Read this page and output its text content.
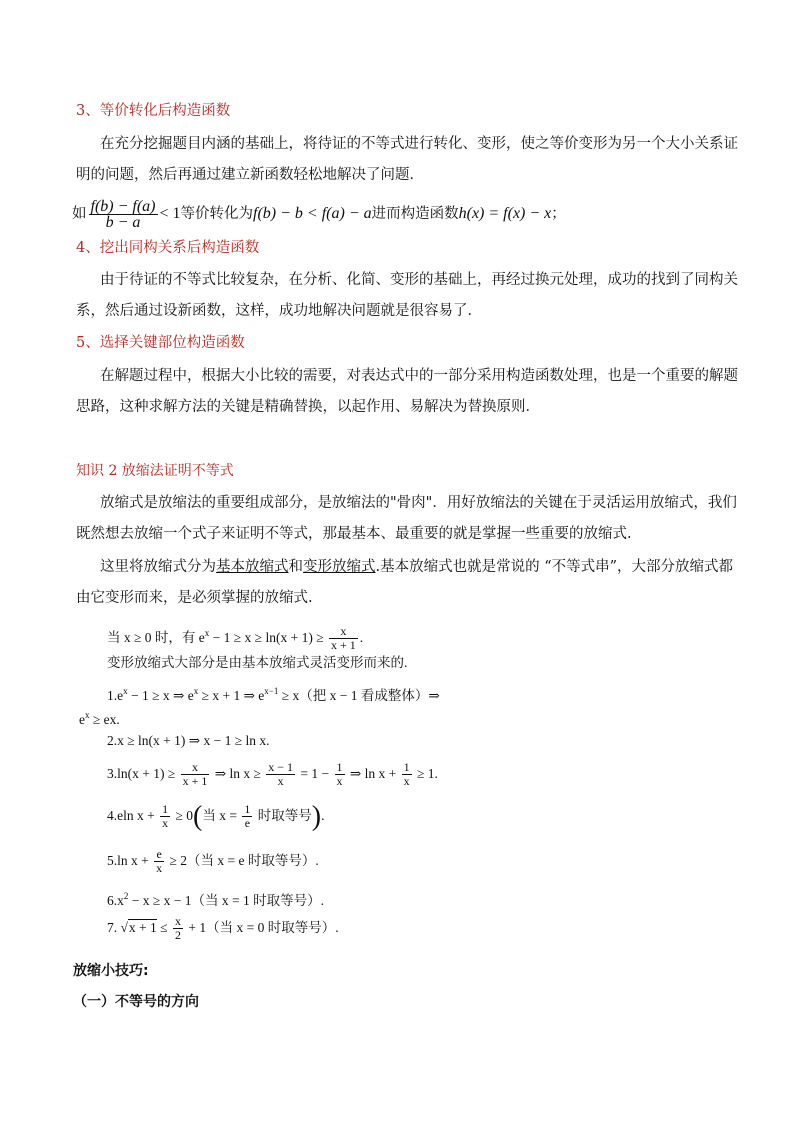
3、等价转化后构造函数
在充分挖掘题目内涵的基础上，将待证的不等式进行转化、变形，使之等价变形为另一个大小关系证
明的问题，然后再通过建立新函数轻松地解决了问题．
如 $\frac{f(b) - f(a)}{b - a} < 1$等价转化为f(b) − b < f(a) − a进而构造函数h(x) = f(x) − x；
4、挖出同构关系后构造函数
由于待证的不等式比较复杂，在分析、化简、变形的基础上，再经过换元处理，成功的找到了同构关
系，然后通过设新函数，这样，成功地解决问题就是很容易了．
5、选择关键部位构造函数
在解题过程中，根据大小比较的需要，对表达式中的一部分采用构造函数处理，也是一个重要的解题
思路，这种求解方法的关键是精确替换，以起作用、易解决为替换原则．
知识 2 放缩法证明不等式
放缩式是放缩法的重要组成部分，是放缩法的"骨肉"．用好放缩法的关键在于灵活运用放缩式，我们
既然想去放缩一个式子来证明不等式，那最基本、最重要的就是掌握一些重要的放缩式.
这里将放缩式分为基本放缩式和变形放缩式.基本放缩式也就是常说的 “不等式串”，大部分放缩式都
由它变形而来，是必须掌握的放缩式.
当 x ≥ 0 时，有 $e^x - 1 \ge x \ge \ln(x + 1) \ge \frac{x}{x + 1}$ .
变形放缩式大部分是由基本放缩式灵活变形而来的.
$1.e^x - 1 \ge x$ ⇒ $e^x \ge x + 1$ ⇒ $e^{x-1} \ge x$（把 x − 1 看成整体）⇒
$e^x$ ≥ ex.
2.x ≥ ln(x + 1) ⇒ x − 1 ≥ ln x.
$3.\ln(x + 1) \ge \frac{x}{x + 1}$ ⇒ $\ln x \ge \frac{x - 1}{x} = 1 - \frac{1}{x}$ ⇒ $\ln x + \frac{1}{x} \ge 1$.
4.eln $x + \frac{1}{x} \ge 0$(当 $x = \frac{1}{e}$ 时取等号).
5.ln $x + \frac{e}{x} \ge 2$（当 x = e 时取等号）.
$6.x^2 - x \ge x - 1$（当 x = 1 时取等号）.
7. $√x + 1 \le \frac{x}{2} + 1$（当 x = 0 时取等号）.
放缩小技巧:
（一）不等号的方向
